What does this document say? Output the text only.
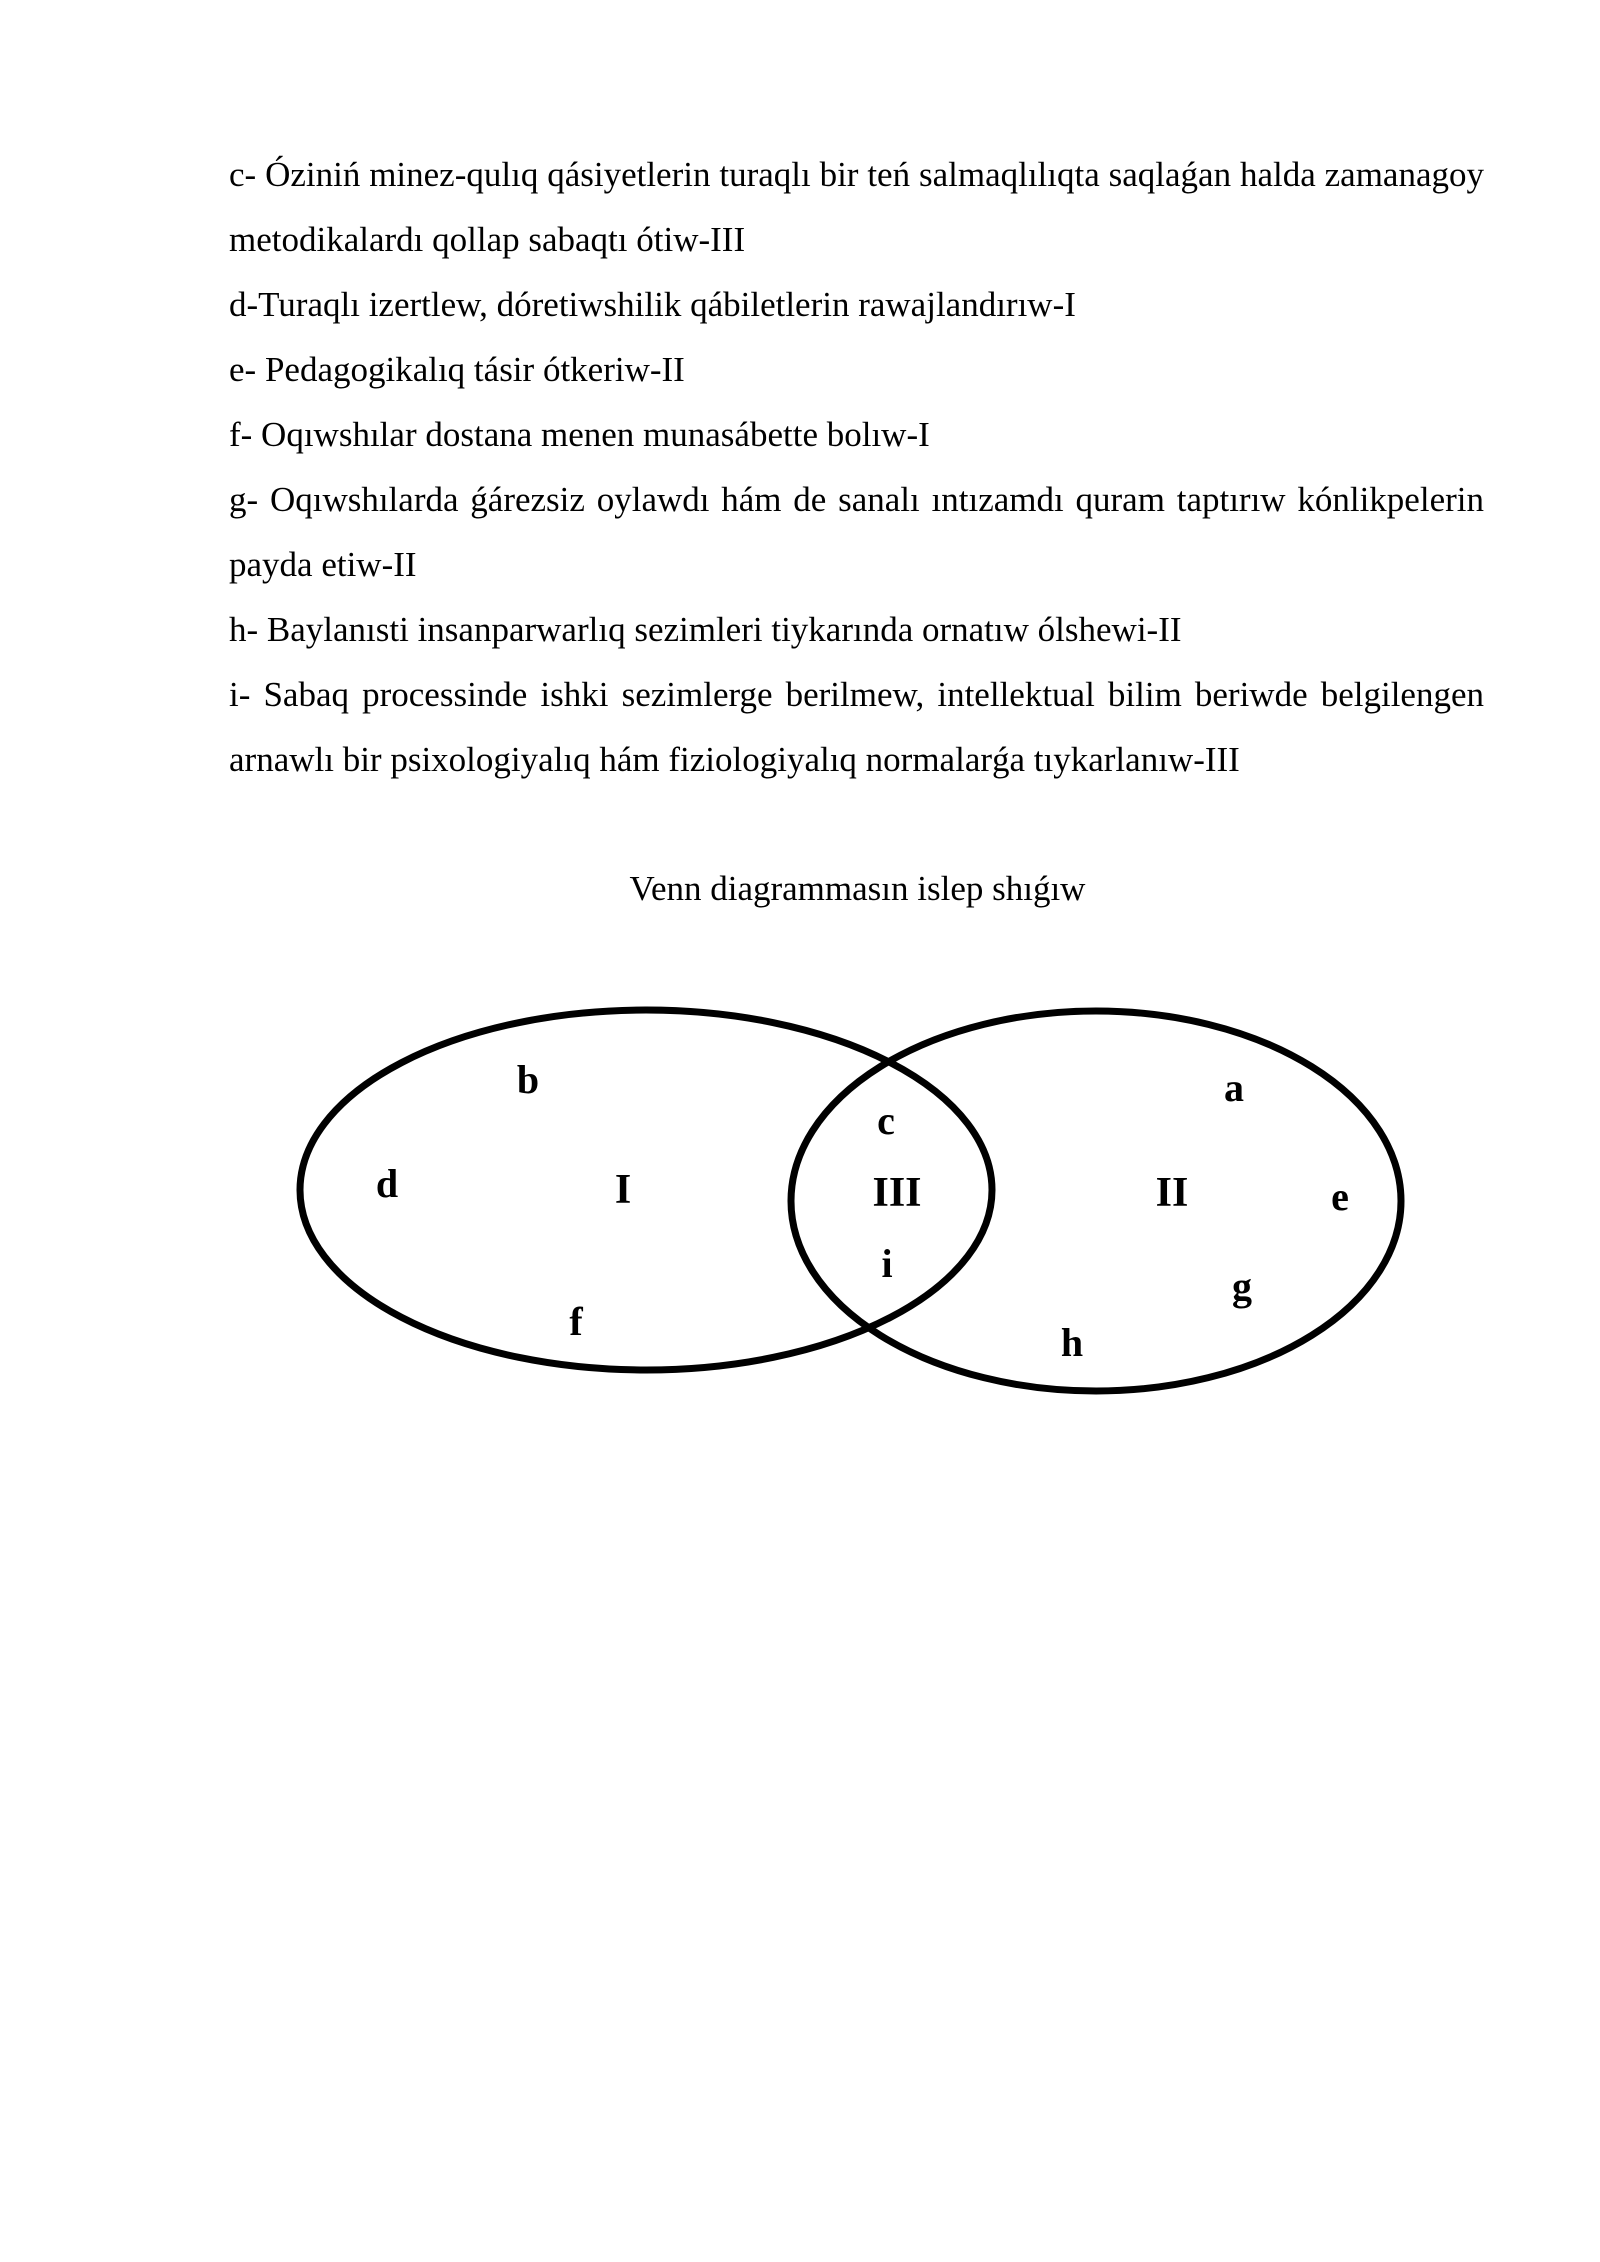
c- Óziniń minez-qulıq qásiyetlerin turaqlı bir teń salmaqlılıqta saqlaǵan halda zamanagoy metodikalardı qollap sabaqtı ótiw-III

d-Turaqlı izertlew, dóretiwshilik qábiletlerin rawajlandırıw-I

e- Pedagogikalıq tásir ótkeriw-II

f- Oqıwshılar dostana menen munasábette bolıw-I

g- Oqıwshılarda ǵárezsiz oylawdı hám de sanalı ıntızamdı quram taptırıw kónlikpelerin payda etiw-II

h- Baylanısti insanparwarlıq sezimleri tiykarında ornatıw ólshewi-II

i- Sabaq processinde ishki sezimlerge berilmew, intellektual bilim beriwde belgilengen arnawlı bir psixologiyalıq hám fiziologiyalıq normalarǵa tıykarlanıw-III

Venn diagrammasın islep shıǵıw
b
d	I
f
c
III
i
a
II	e
g
h
